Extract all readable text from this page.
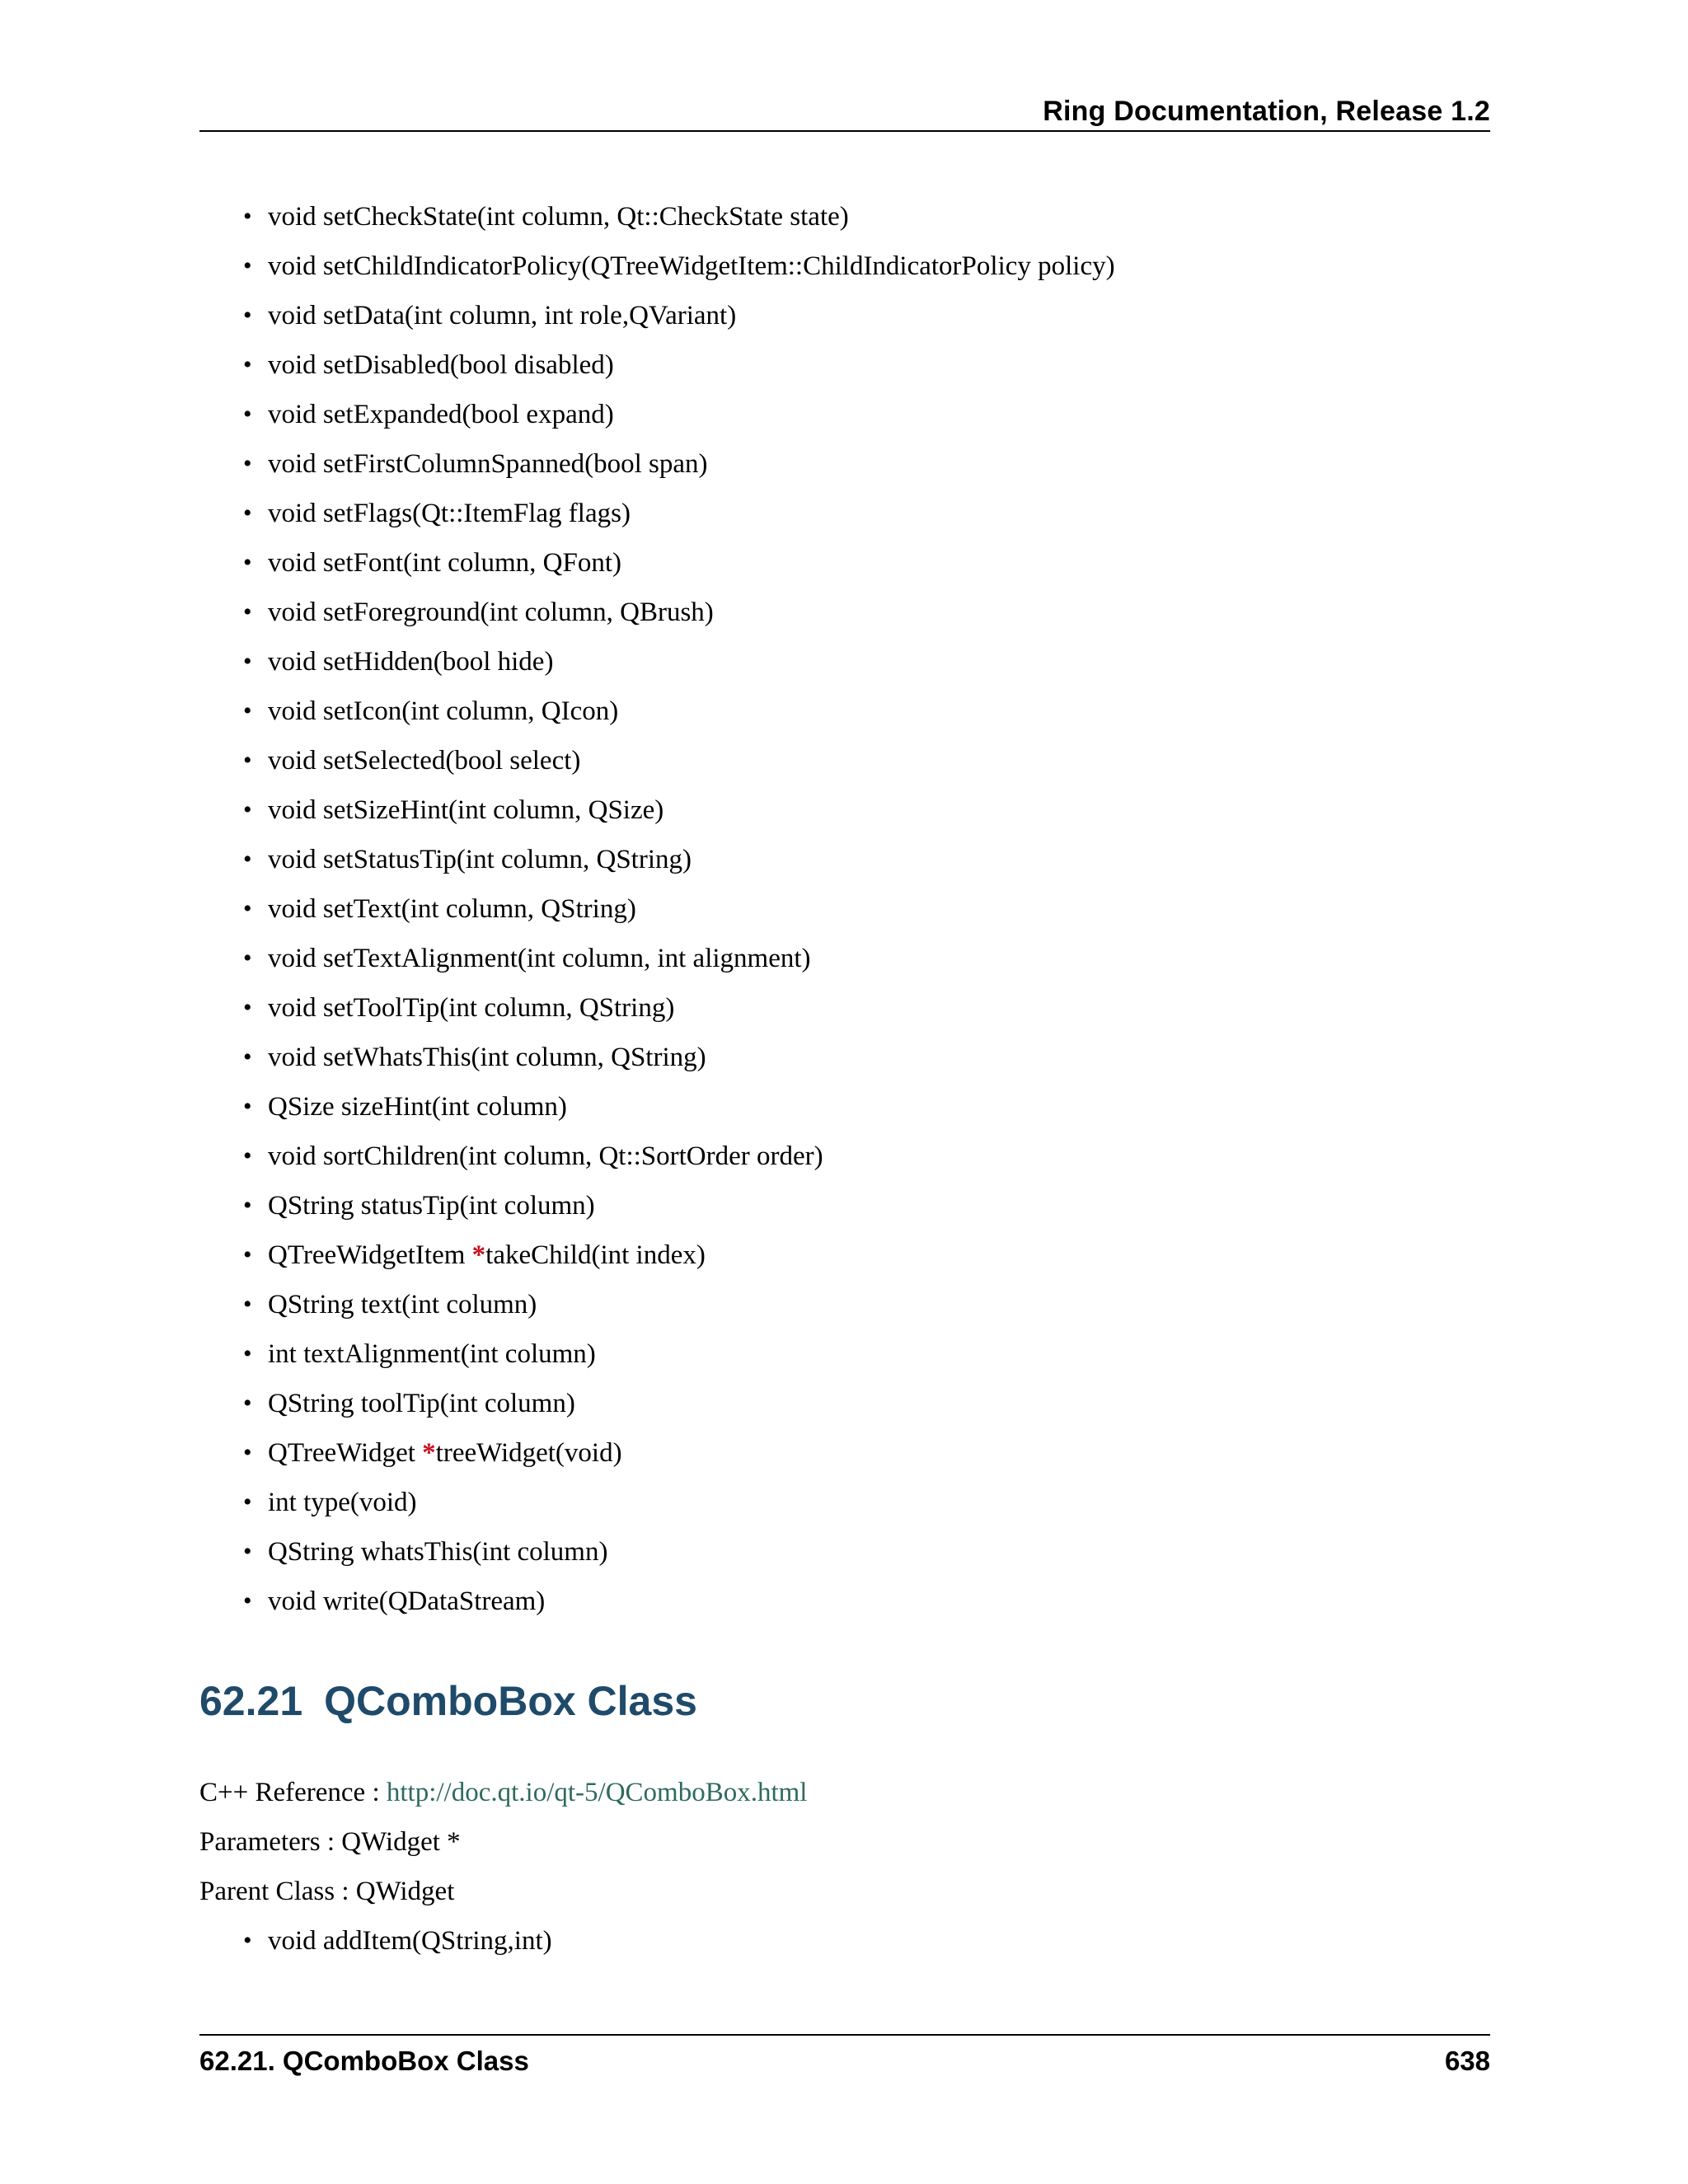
Ring Documentation, Release 1.2
• void setCheckState(int column, Qt::CheckState state)
• void setChildIndicatorPolicy(QTreeWidgetItem::ChildIndicatorPolicy policy)
• void setData(int column, int role,QVariant)
• void setDisabled(bool disabled)
• void setExpanded(bool expand)
• void setFirstColumnSpanned(bool span)
• void setFlags(Qt::ItemFlag flags)
• void setFont(int column, QFont)
• void setForeground(int column, QBrush)
• void setHidden(bool hide)
• void setIcon(int column, QIcon)
• void setSelected(bool select)
• void setSizeHint(int column, QSize)
• void setStatusTip(int column, QString)
• void setText(int column, QString)
• void setTextAlignment(int column, int alignment)
• void setToolTip(int column, QString)
• void setWhatsThis(int column, QString)
• QSize sizeHint(int column)
• void sortChildren(int column, Qt::SortOrder order)
• QString statusTip(int column)
• QTreeWidgetItem *takeChild(int index)
• QString text(int column)
• int textAlignment(int column)
• QString toolTip(int column)
• QTreeWidget *treeWidget(void)
• int type(void)
• QString whatsThis(int column)
• void write(QDataStream)
62.21 QComboBox Class
C++ Reference : http://doc.qt.io/qt-5/QComboBox.html
Parameters : QWidget *
Parent Class : QWidget
• void addItem(QString,int)
62.21. QComboBox Class	638
